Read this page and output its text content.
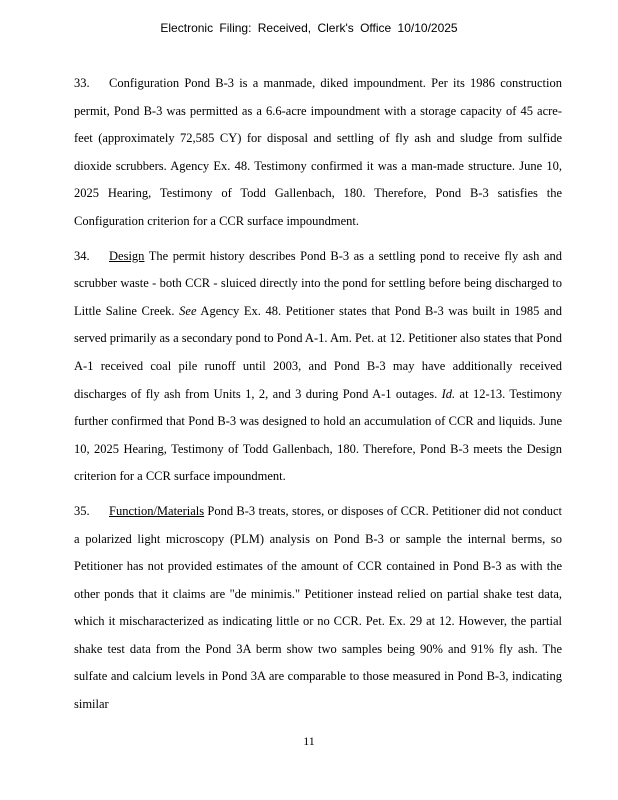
Electronic Filing: Received, Clerk's Office 10/10/2025

33. Configuration Pond B-3 is a manmade, diked impoundment. Per its 1986 construction permit, Pond B-3 was permitted as a 6.6-acre impoundment with a storage capacity of 45 acre-feet (approximately 72,585 CY) for disposal and settling of fly ash and sludge from sulfide dioxide scrubbers. Agency Ex. 48. Testimony confirmed it was a man-made structure. June 10, 2025 Hearing, Testimony of Todd Gallenbach, 180. Therefore, Pond B-3 satisfies the Configuration criterion for a CCR surface impoundment.

34. Design The permit history describes Pond B-3 as a settling pond to receive fly ash and scrubber waste - both CCR - sluiced directly into the pond for settling before being discharged to Little Saline Creek. See Agency Ex. 48. Petitioner states that Pond B-3 was built in 1985 and served primarily as a secondary pond to Pond A-1. Am. Pet. at 12. Petitioner also states that Pond A-1 received coal pile runoff until 2003, and Pond B-3 may have additionally received discharges of fly ash from Units 1, 2, and 3 during Pond A-1 outages. Id. at 12-13. Testimony further confirmed that Pond B-3 was designed to hold an accumulation of CCR and liquids. June 10, 2025 Hearing, Testimony of Todd Gallenbach, 180. Therefore, Pond B-3 meets the Design criterion for a CCR surface impoundment.

35. Function/Materials Pond B-3 treats, stores, or disposes of CCR. Petitioner did not conduct a polarized light microscopy (PLM) analysis on Pond B-3 or sample the internal berms, so Petitioner has not provided estimates of the amount of CCR contained in Pond B-3 as with the other ponds that it claims are "de minimis." Petitioner instead relied on partial shake test data, which it mischaracterized as indicating little or no CCR. Pet. Ex. 29 at 12. However, the partial shake test data from the Pond 3A berm show two samples being 90% and 91% fly ash. The sulfate and calcium levels in Pond 3A are comparable to those measured in Pond B-3, indicating similar

11
